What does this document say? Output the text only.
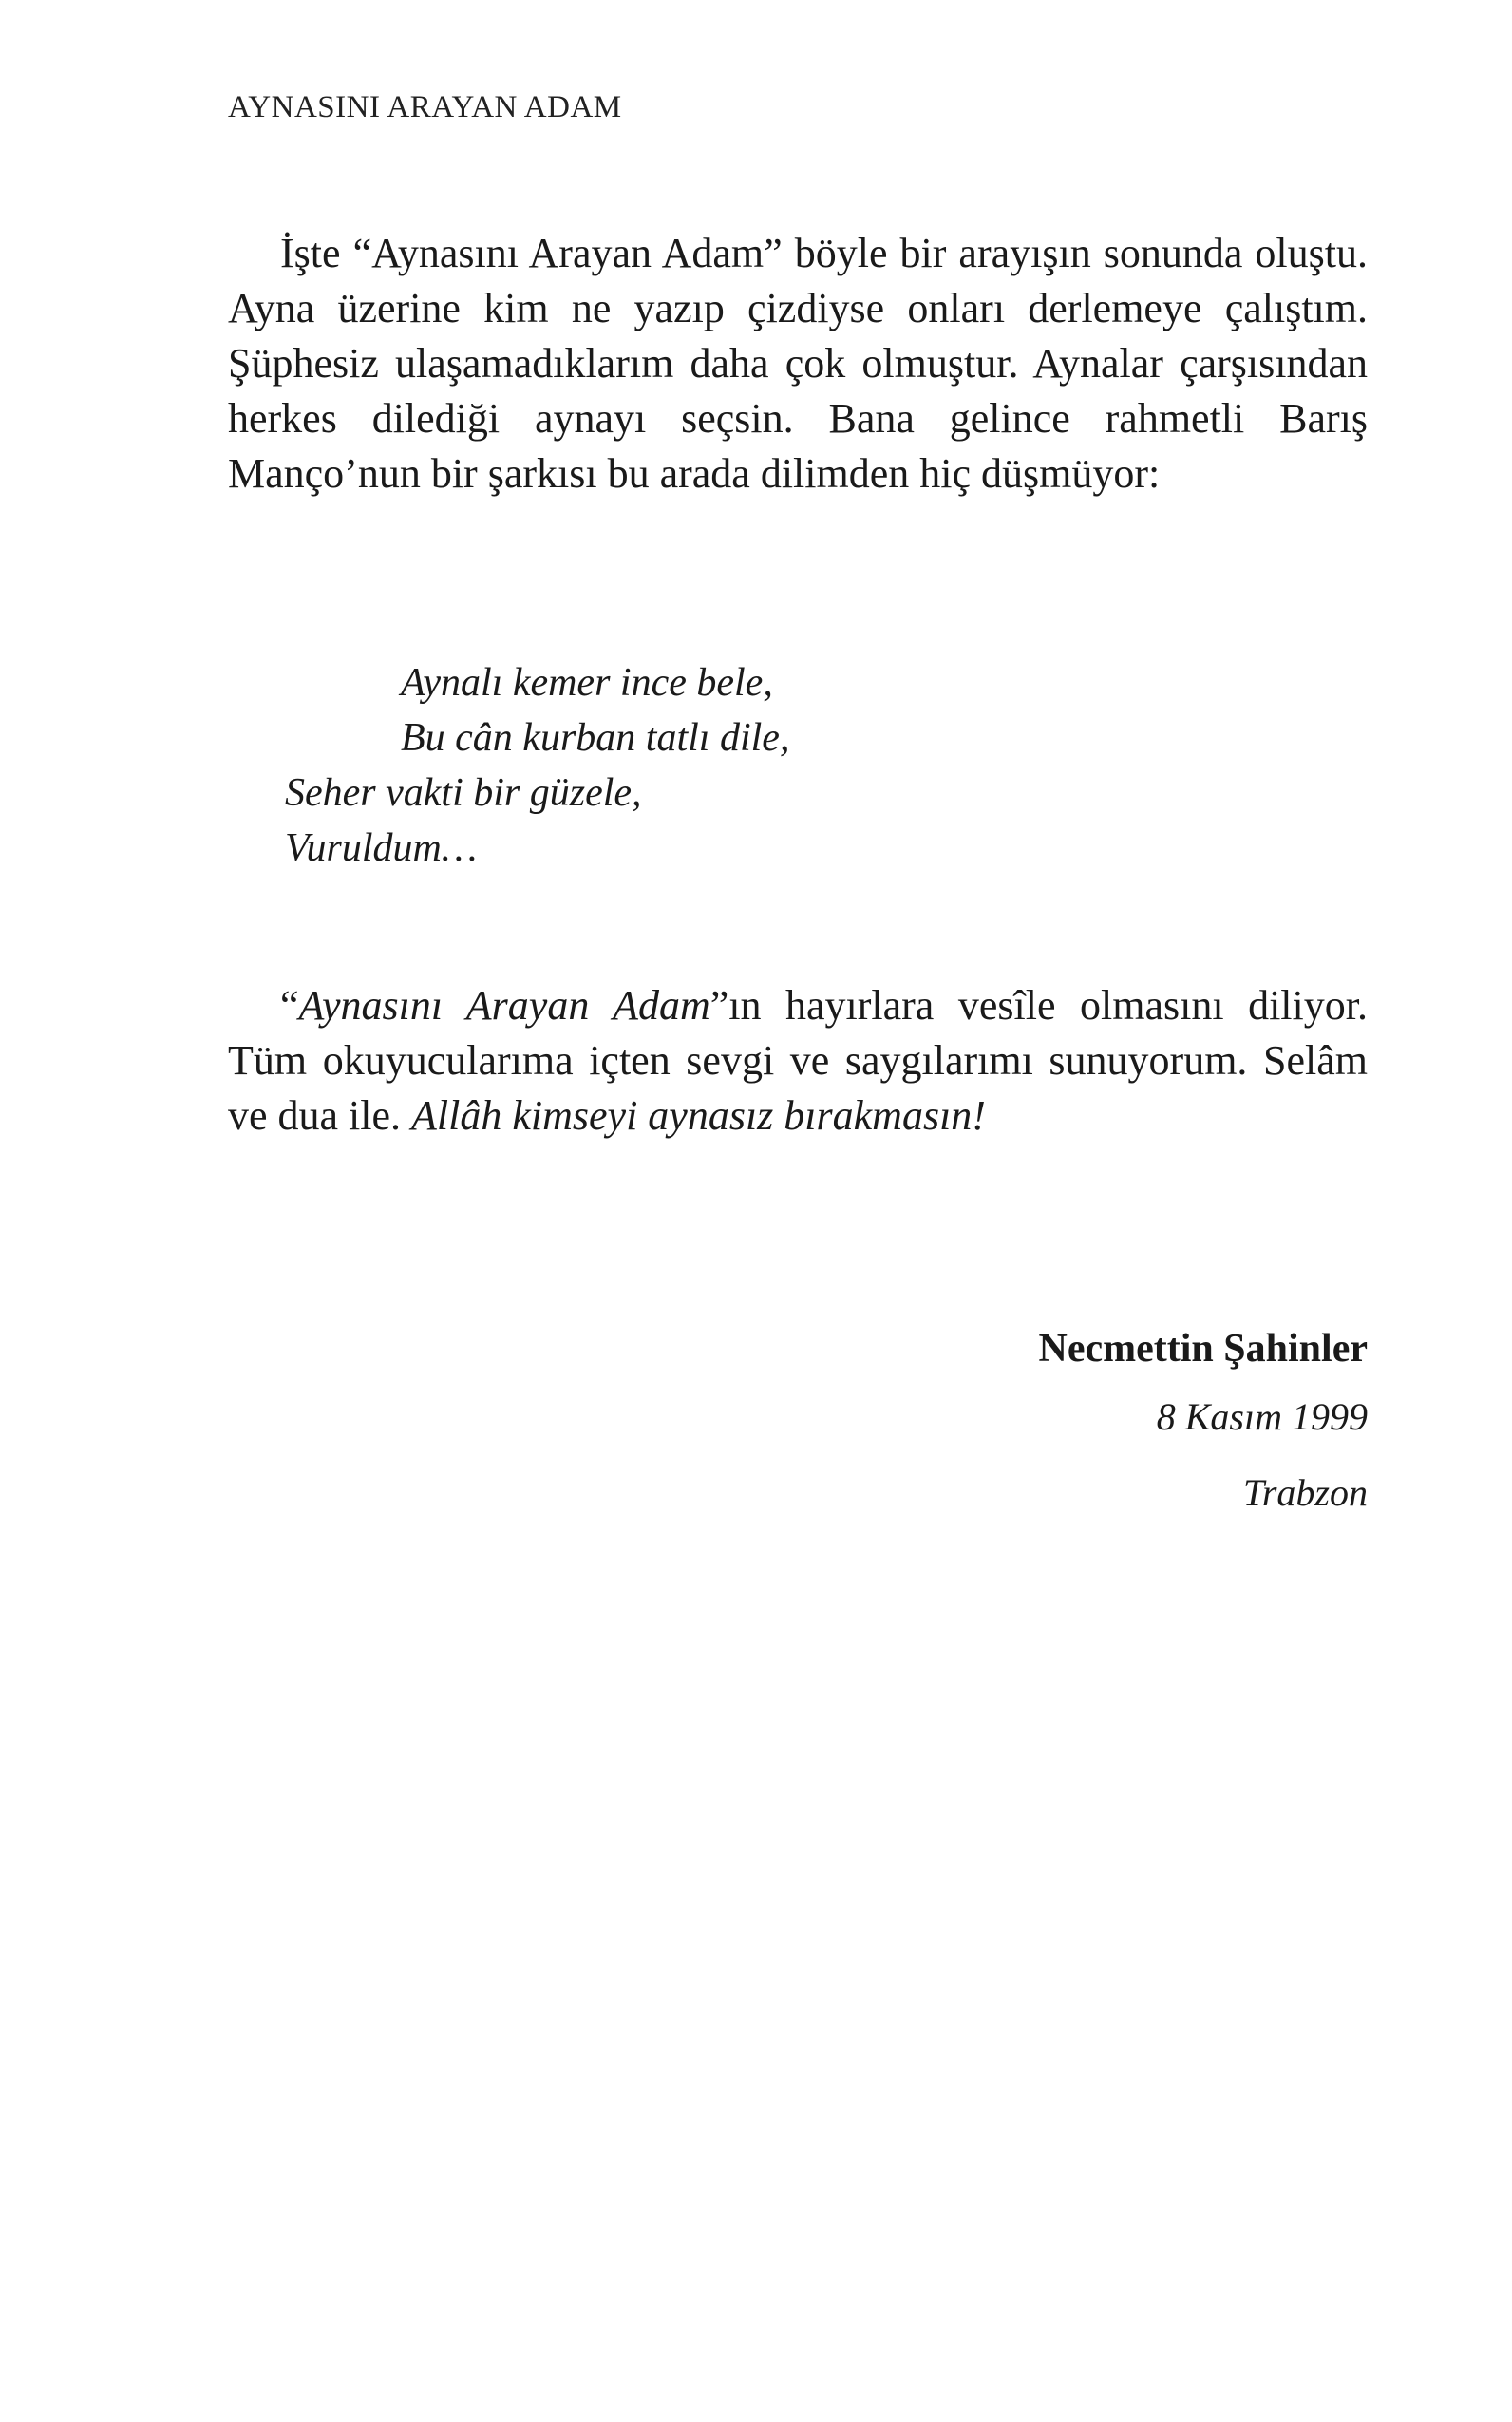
AYNASINI ARAYAN ADAM
İşte “Aynasını Arayan Adam” böyle bir arayışın sonunda oluştu. Ayna üzerine kim ne yazıp çizdiyse onları derlemeye çalıştım. Şüphesiz ulaşamadıklarım daha çok olmuştur. Aynalar çarşısından herkes dilediği aynayı seçsin. Bana gelince rahmetli Barış Manço’nun bir şarkısı bu arada dilimden hiç düşmüyor:
Aynalı kemer ince bele,
Bu cân kurban tatlı dile,
Seher vakti bir güzele,
Vuruldum…
“Aynasını Arayan Adam”ın hayırlara vesîle olmasını diliyor. Tüm okuyucularıma içten sevgi ve saygılarımı sunuyorum. Selâm ve dua ile. Allâh kimseyi aynasız bırakmasın!
Necmettin Şahinler
8 Kasım 1999
Trabzon
